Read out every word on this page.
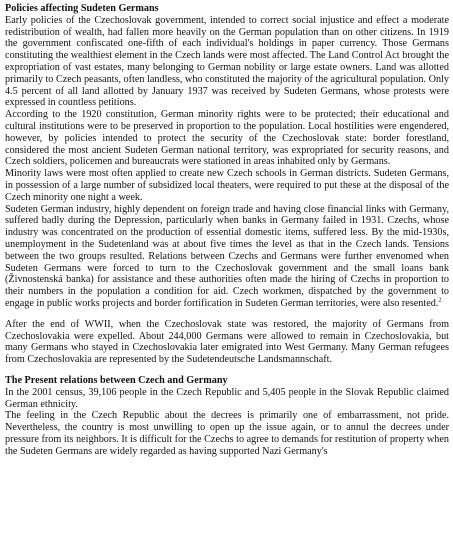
Policies affecting Sudeten Germans

Early policies of the Czechoslovak government, intended to correct social injustice and effect a moderate redistribution of wealth, had fallen more heavily on the German population than on other citizens. In 1919 the government confiscated one-fifth of each individual's holdings in paper currency. Those Germans constituting the wealthiest element in the Czech lands were most affected. The Land Control Act brought the expropriation of vast estates, many belonging to German nobility or large estate owners. Land was allotted primarily to Czech peasants, often landless, who constituted the majority of the agricultural population. Only 4.5 percent of all land allotted by January 1937 was received by Sudeten Germans, whose protests were expressed in countless petitions.

According to the 1920 constitution, German minority rights were to be protected; their educational and cultural institutions were to be preserved in proportion to the population. Local hostilities were engendered, however, by policies intended to protect the security of the Czechoslovak state: border forestland, considered the most ancient Sudeten German national territory, was expropriated for security reasons, and Czech soldiers, policemen and bureaucrats were stationed in areas inhabited only by Germans.

Minority laws were most often applied to create new Czech schools in German districts. Sudeten Germans, in possession of a large number of subsidized local theaters, were required to put these at the disposal of the Czech minority one night a week.

Sudeten German industry, highly dependent on foreign trade and having close financial links with Germany, suffered badly during the Depression, particularly when banks in Germany failed in 1931. Czechs, whose industry was concentrated on the production of essential domestic items, suffered less. By the mid-1930s, unemployment in the Sudetenland was at about five times the level as that in the Czech lands. Tensions between the two groups resulted. Relations between Czechs and Germans were further envenomed when Sudeten Germans were forced to turn to the Czechoslovak government and the small loans bank (Živnostenská banka) for assistance and these authorities often made the hiring of Czechs in proportion to their numbers in the population a condition for aid. Czech workmen, dispatched by the government to engage in public works projects and border fortification in Sudeten German territories, were also resented.$^2$

After the end of WWII, when the Czechoslovak state was restored, the majority of Germans from Czechoslovakia were expelled. About 244,000 Germans were allowed to remain in Czechoslovakia, but many Germans who stayed in Czechoslovakia later emigrated into West Germany. Many German refugees from Czechoslovakia are represented by the Sudetendeutsche Landsmannschaft.

The Present relations between Czech and Germany

In the 2001 census, 39,106 people in the Czech Republic and 5,405 people in the Slovak Republic claimed German ethnicity.

The feeling in the Czech Republic about the decrees is primarily one of embarrassment, not pride. Nevertheless, the country is most unwilling to open up the issue again, or to annul the decrees under pressure from its neighbors. It is difficult for the Czechs to agree to demands for restitution of property when the Sudeten Germans are widely regarded as having supported Nazi Germany's
